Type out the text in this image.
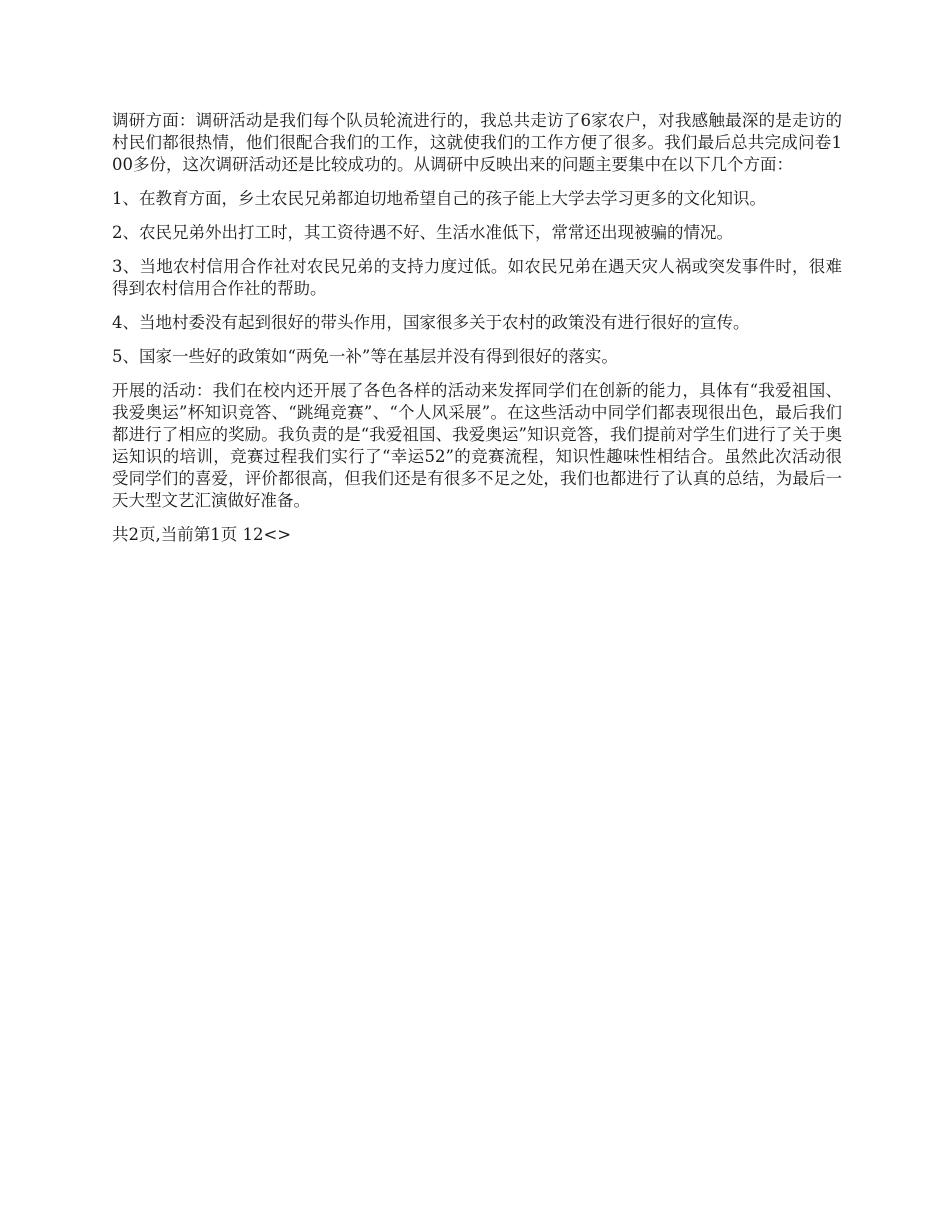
调研方面：调研活动是我们每个队员轮流进行的，我总共走访了6家农户，对我感触最深的是走访的村民们都很热情，他们很配合我们的工作，这就使我们的工作方便了很多。我们最后总共完成问卷100多份，这次调研活动还是比较成功的。从调研中反映出来的问题主要集中在以下几个方面：

1、在教育方面，乡土农民兄弟都迫切地希望自己的孩子能上大学去学习更多的文化知识。

2、农民兄弟外出打工时，其工资待遇不好、生活水准低下，常常还出现被骗的情况。

3、当地农村信用合作社对农民兄弟的支持力度过低。如农民兄弟在遇天灾人祸或突发事件时，很难得到农村信用合作社的帮助。

4、当地村委没有起到很好的带头作用，国家很多关于农村的政策没有进行很好的宣传。

5、国家一些好的政策如“两免一补”等在基层并没有得到很好的落实。

开展的活动：我们在校内还开展了各色各样的活动来发挥同学们在创新的能力，具体有“我爱祖国、我爱奥运”杯知识竞答、“跳绳竞赛”、“个人风采展”。在这些活动中同学们都表现很出色，最后我们都进行了相应的奖励。我负责的是“我爱祖国、我爱奥运”知识竞答，我们提前对学生们进行了关于奥运知识的培训，竞赛过程我们实行了“幸运52”的竞赛流程，知识性趣味性相结合。虽然此次活动很受同学们的喜爱，评价都很高，但我们还是有很多不足之处，我们也都进行了认真的总结，为最后一天大型文艺汇演做好准备。

共2页,当前第1页 12<>
